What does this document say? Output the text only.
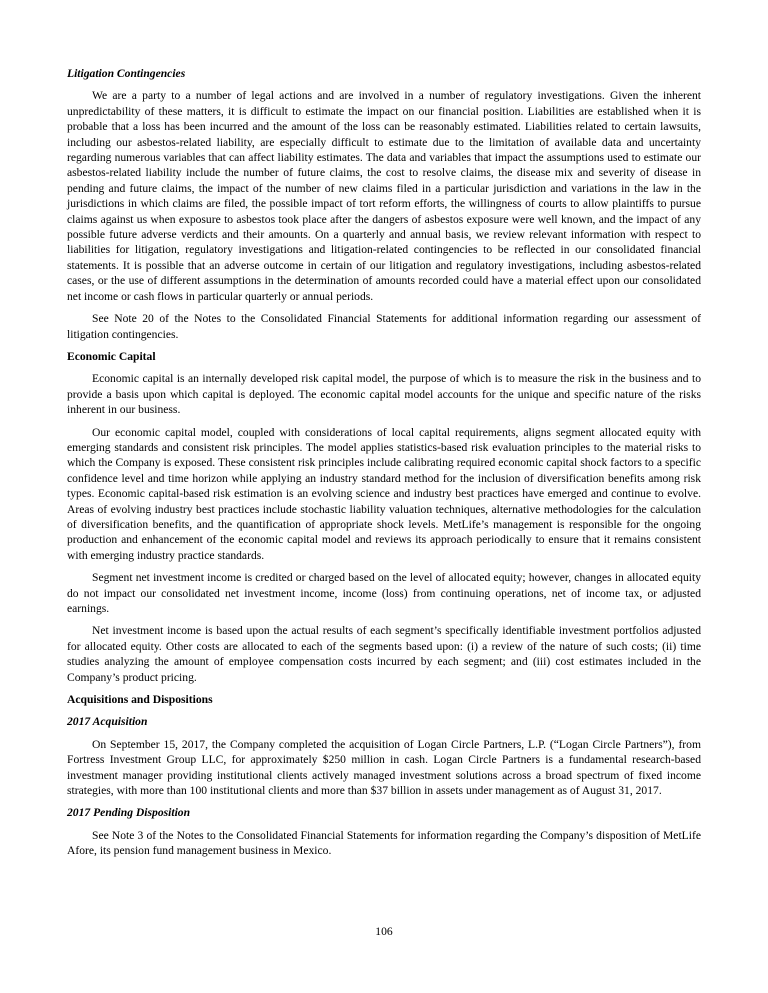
Litigation Contingencies
We are a party to a number of legal actions and are involved in a number of regulatory investigations. Given the inherent unpredictability of these matters, it is difficult to estimate the impact on our financial position. Liabilities are established when it is probable that a loss has been incurred and the amount of the loss can be reasonably estimated. Liabilities related to certain lawsuits, including our asbestos-related liability, are especially difficult to estimate due to the limitation of available data and uncertainty regarding numerous variables that can affect liability estimates. The data and variables that impact the assumptions used to estimate our asbestos-related liability include the number of future claims, the cost to resolve claims, the disease mix and severity of disease in pending and future claims, the impact of the number of new claims filed in a particular jurisdiction and variations in the law in the jurisdictions in which claims are filed, the possible impact of tort reform efforts, the willingness of courts to allow plaintiffs to pursue claims against us when exposure to asbestos took place after the dangers of asbestos exposure were well known, and the impact of any possible future adverse verdicts and their amounts. On a quarterly and annual basis, we review relevant information with respect to liabilities for litigation, regulatory investigations and litigation-related contingencies to be reflected in our consolidated financial statements. It is possible that an adverse outcome in certain of our litigation and regulatory investigations, including asbestos-related cases, or the use of different assumptions in the determination of amounts recorded could have a material effect upon our consolidated net income or cash flows in particular quarterly or annual periods.
See Note 20 of the Notes to the Consolidated Financial Statements for additional information regarding our assessment of litigation contingencies.
Economic Capital
Economic capital is an internally developed risk capital model, the purpose of which is to measure the risk in the business and to provide a basis upon which capital is deployed. The economic capital model accounts for the unique and specific nature of the risks inherent in our business.
Our economic capital model, coupled with considerations of local capital requirements, aligns segment allocated equity with emerging standards and consistent risk principles. The model applies statistics-based risk evaluation principles to the material risks to which the Company is exposed. These consistent risk principles include calibrating required economic capital shock factors to a specific confidence level and time horizon while applying an industry standard method for the inclusion of diversification benefits among risk types. Economic capital-based risk estimation is an evolving science and industry best practices have emerged and continue to evolve. Areas of evolving industry best practices include stochastic liability valuation techniques, alternative methodologies for the calculation of diversification benefits, and the quantification of appropriate shock levels. MetLife’s management is responsible for the ongoing production and enhancement of the economic capital model and reviews its approach periodically to ensure that it remains consistent with emerging industry practice standards.
Segment net investment income is credited or charged based on the level of allocated equity; however, changes in allocated equity do not impact our consolidated net investment income, income (loss) from continuing operations, net of income tax, or adjusted earnings.
Net investment income is based upon the actual results of each segment’s specifically identifiable investment portfolios adjusted for allocated equity. Other costs are allocated to each of the segments based upon: (i) a review of the nature of such costs; (ii) time studies analyzing the amount of employee compensation costs incurred by each segment; and (iii) cost estimates included in the Company’s product pricing.
Acquisitions and Dispositions
2017 Acquisition
On September 15, 2017, the Company completed the acquisition of Logan Circle Partners, L.P. (“Logan Circle Partners”), from Fortress Investment Group LLC, for approximately $250 million in cash. Logan Circle Partners is a fundamental research-based investment manager providing institutional clients actively managed investment solutions across a broad spectrum of fixed income strategies, with more than 100 institutional clients and more than $37 billion in assets under management as of August 31, 2017.
2017 Pending Disposition
See Note 3 of the Notes to the Consolidated Financial Statements for information regarding the Company’s disposition of MetLife Afore, its pension fund management business in Mexico.
106
